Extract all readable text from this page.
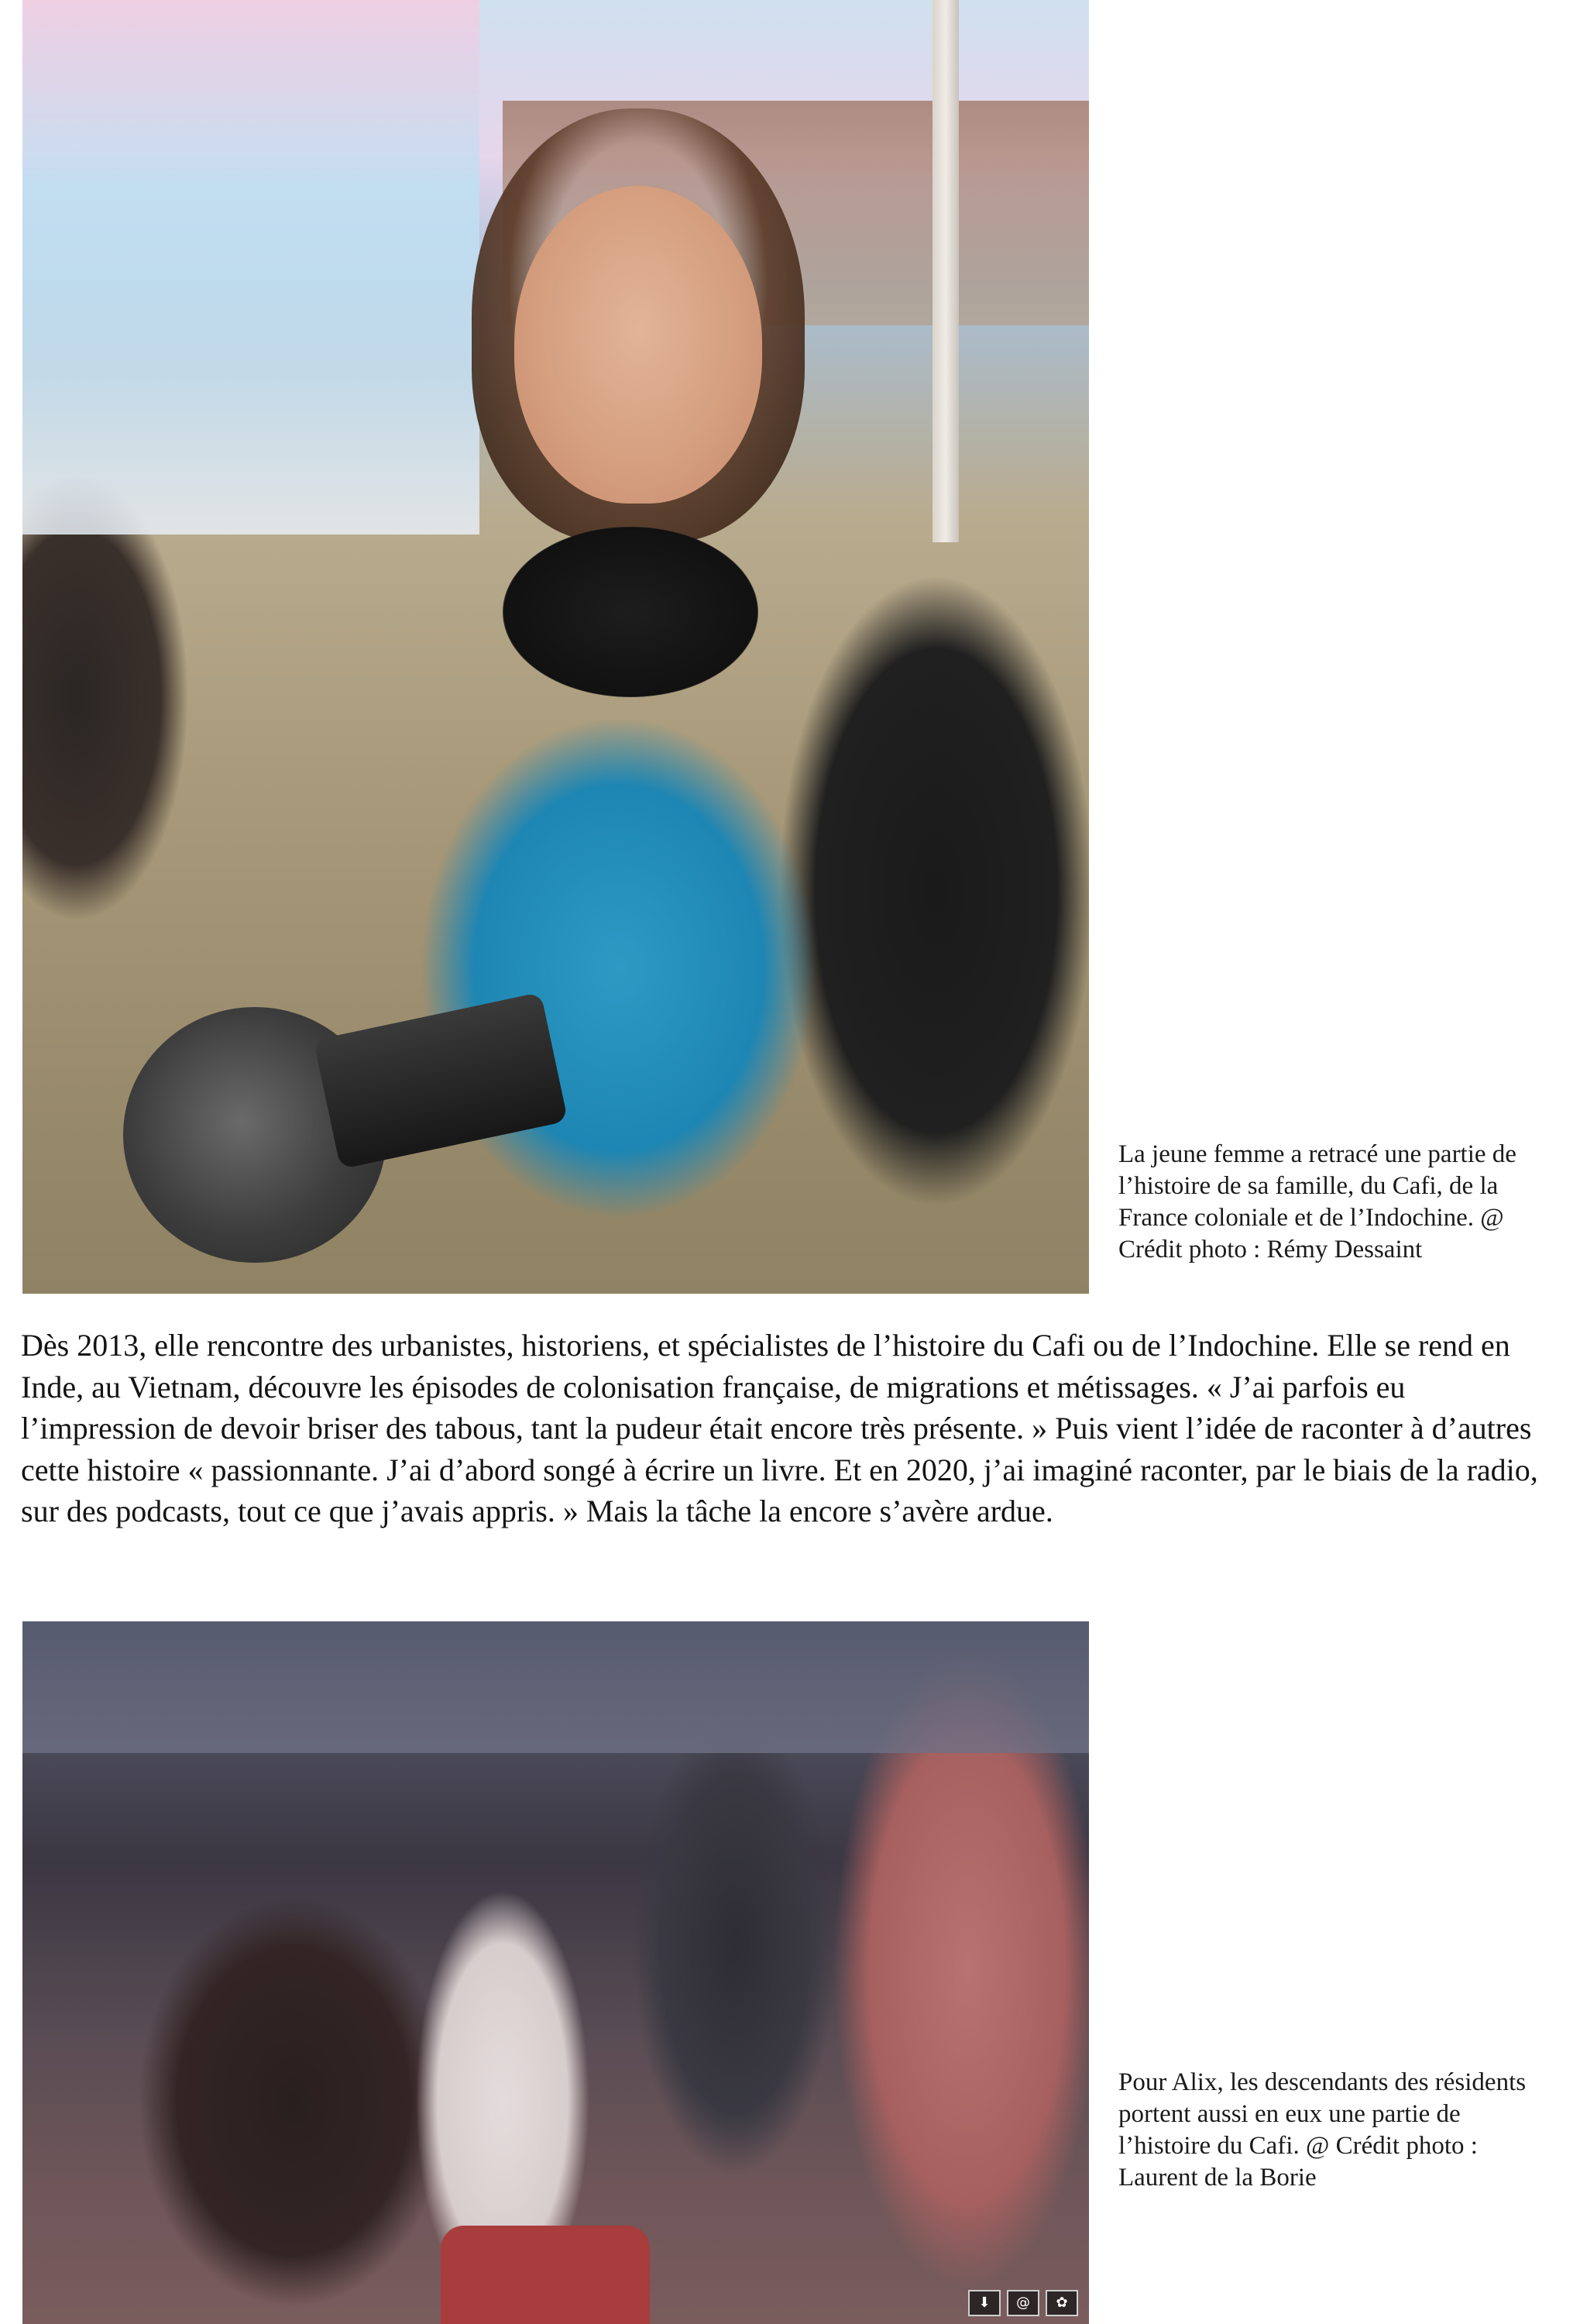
La jeune femme a retracé une partie de l’histoire de sa famille, du Cafi, de la France coloniale et de l’Indochine. @ Crédit photo : Rémy Dessaint

Dès 2013, elle rencontre des urbanistes, historiens, et spécialistes de l’histoire du Cafi ou de l’Indochine. Elle se rend en Inde, au Vietnam, découvre les épisodes de colonisation française, de migrations et métissages. « J’ai parfois eu l’impression de devoir briser des tabous, tant la pudeur était encore très présente. » Puis vient l’idée de raconter à d’autres cette histoire « passionnante. J’ai d’abord songé à écrire un livre. Et en 2020, j’ai imaginé raconter, par le biais de la radio, sur des podcasts, tout ce que j’avais appris. » Mais la tâche la encore s’avère ardue.

⬇	@	✿
Pour Alix, les descendants des résidents portent aussi en eux une partie de l’histoire du Cafi. @ Crédit photo : Laurent de la Borie
